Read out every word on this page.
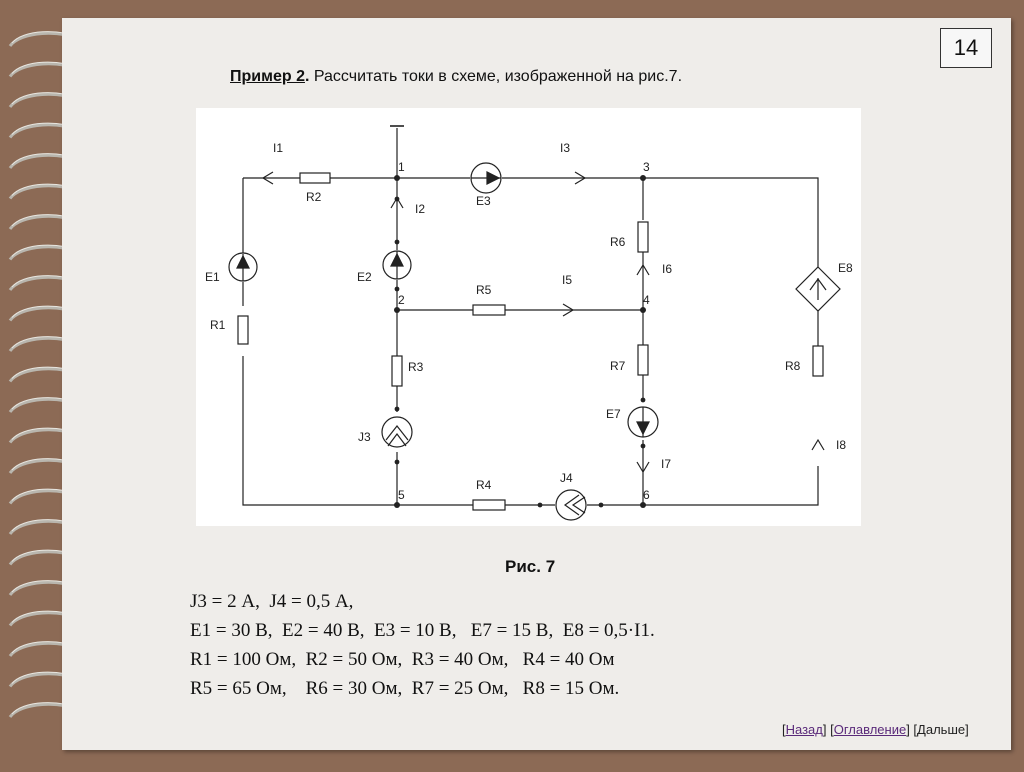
14
Пример 2. Рассчитать токи в схеме, изображенной на рис.7.
I1
R2
1
I2
E3
I3
3
R6
I6	E8
E1	E2
2
R5
I5
4
R1
R3	R7	R8
J3
E7
I7
I8
5
R4	J4
6
Рис. 7
J3 = 2 А,  J4 = 0,5 А,
E1 = 30 В,  E2 = 40 В,  E3 = 10 В,   E7 = 15 В,  E8 = 0,5·I1.
R1 = 100 Ом,  R2 = 50 Ом,  R3 = 40 Ом,   R4 = 40 Ом
R5 = 65 Ом,    R6 = 30 Ом,  R7 = 25 Ом,   R8 = 15 Ом.
[Назад] [Оглавление] [Дальше]
